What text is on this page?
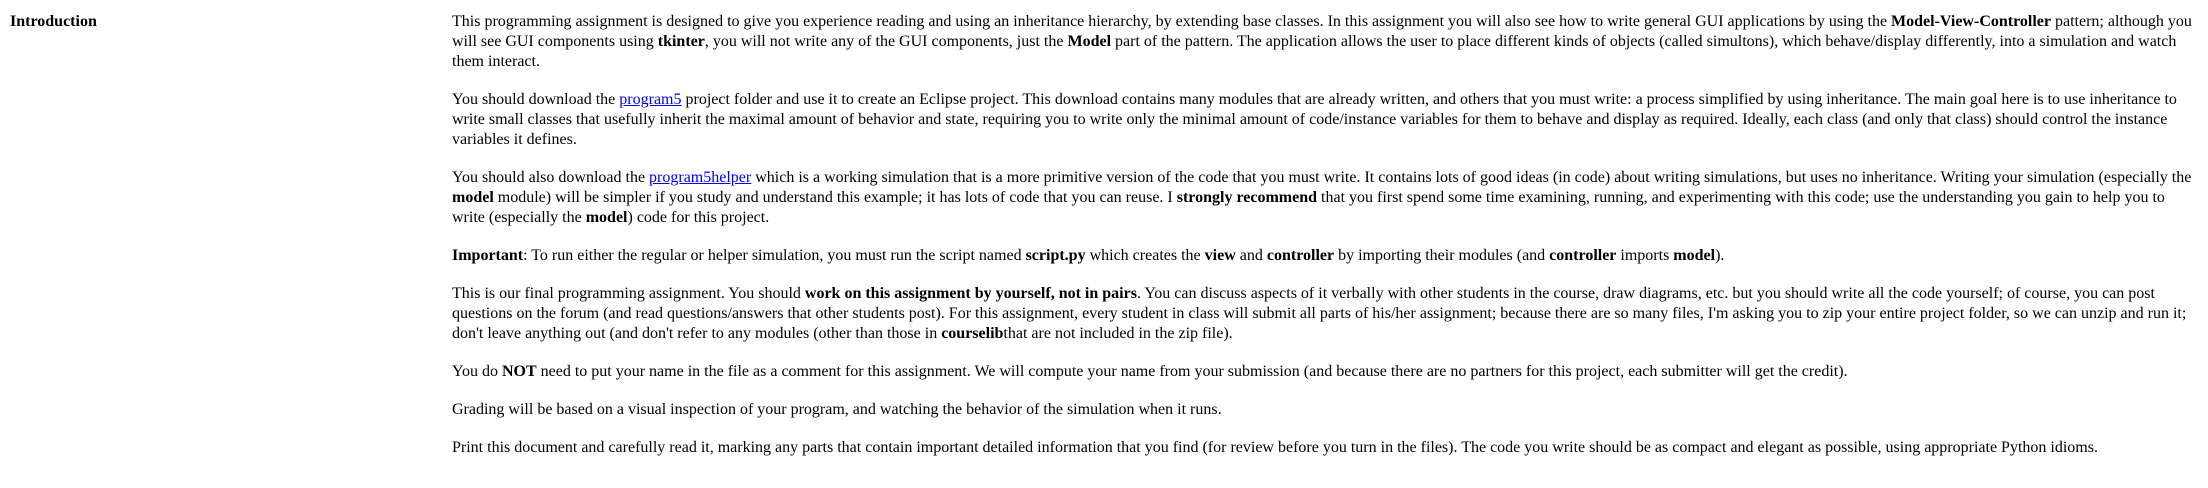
Introduction	This programming assignment is designed to give you experience reading and using an inheritance hierarchy, by extending base classes. In this assignment you will also see how to write general GUI applications by using the Model-View-Controller pattern; although you will see GUI components using tkinter, you will not write any of the GUI components, just the Model part of the pattern. The application allows the user to place different kinds of objects (called simultons), which behave/display differently, into a simulation and watch them interact.

You should download the program5 project folder and use it to create an Eclipse project. This download contains many modules that are already written, and others that you must write: a process simplified by using inheritance. The main goal here is to use inheritance to write small classes that usefully inherit the maximal amount of behavior and state, requiring you to write only the minimal amount of code/instance variables for them to behave and display as required. Ideally, each class (and only that class) should control the instance variables it defines.

You should also download the program5helper which is a working simulation that is a more primitive version of the code that you must write. It contains lots of good ideas (in code) about writing simulations, but uses no inheritance. Writing your simulation (especially the model module) will be simpler if you study and understand this example; it has lots of code that you can reuse. I strongly recommend that you first spend some time examining, running, and experimenting with this code; use the understanding you gain to help you to write (especially the model) code for this project.

Important: To run either the regular or helper simulation, you must run the script named script.py which creates the view and controller by importing their modules (and controller imports model).

This is our final programming assignment. You should work on this assignment by yourself, not in pairs. You can discuss aspects of it verbally with other students in the course, draw diagrams, etc. but you should write all the code yourself; of course, you can post questions on the forum (and read questions/answers that other students post). For this assignment, every student in class will submit all parts of his/her assignment; because there are so many files, I'm asking you to zip your entire project folder, so we can unzip and run it; don't leave anything out (and don't refer to any modules (other than those in courselibthat are not included in the zip file).

You do NOT need to put your name in the file as a comment for this assignment. We will compute your name from your submission (and because there are no partners for this project, each submitter will get the credit).

Grading will be based on a visual inspection of your program, and watching the behavior of the simulation when it runs.

Print this document and carefully read it, marking any parts that contain important detailed information that you find (for review before you turn in the files). The code you write should be as compact and elegant as possible, using appropriate Python idioms.
